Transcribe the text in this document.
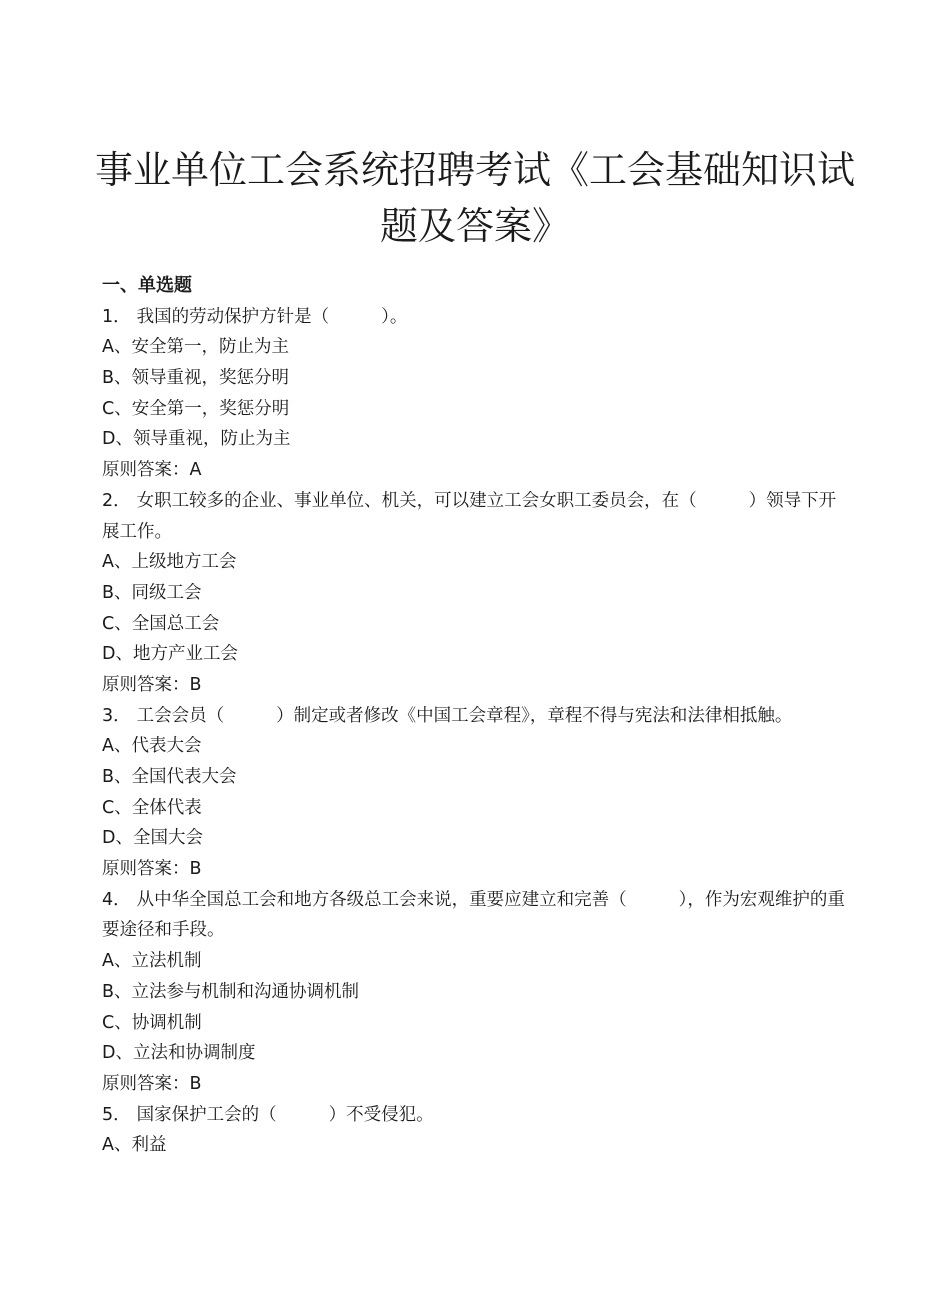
事业单位工会系统招聘考试《工会基础知识试题及答案》
一、单选题
1． 我国的劳动保护方针是（	）。
A、安全第一，防止为主
B、领导重视，奖惩分明
C、安全第一，奖惩分明
D、领导重视，防止为主
原则答案：A
2． 女职工较多的企业、事业单位、机关，可以建立工会女职工委员会，在（	）领导下开展工作。
A、上级地方工会
B、同级工会
C、全国总工会
D、地方产业工会
原则答案：B
3． 工会会员（	）制定或者修改《中国工会章程》，章程不得与宪法和法律相抵触。
A、代表大会
B、全国代表大会
C、全体代表
D、全国大会
原则答案：B
4． 从中华全国总工会和地方各级总工会来说，重要应建立和完善（	），作为宏观维护的重要途径和手段。
A、立法机制
B、立法参与机制和沟通协调机制
C、协调机制
D、立法和协调制度
原则答案：B
5． 国家保护工会的（	）不受侵犯。
A、利益
